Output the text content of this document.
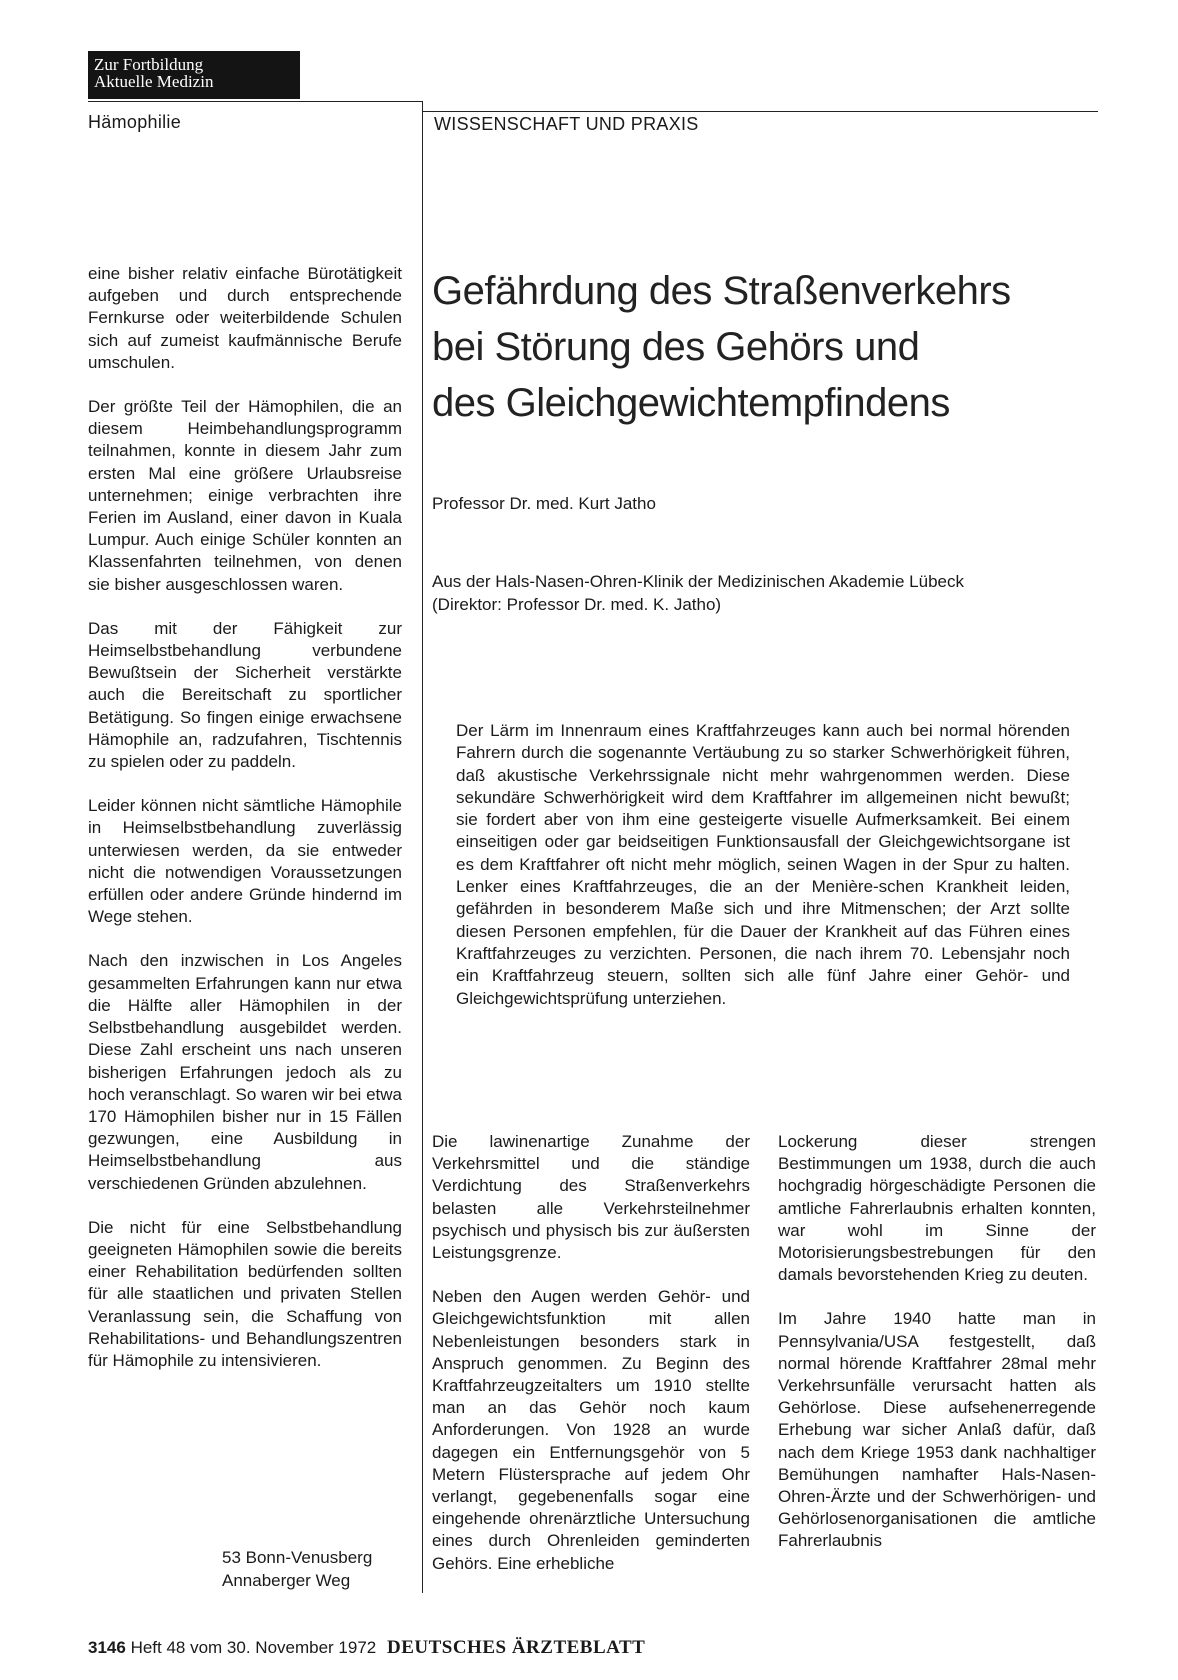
Zur Fortbildung
Aktuelle Medizin
Hämophilie	WISSENSCHAFT UND PRAXIS
Gefährdung des Straßenverkehrs
bei Störung des Gehörs und
des Gleichgewichtempfindens
Professor Dr. med. Kurt Jatho
Aus der Hals-Nasen-Ohren-Klinik der Medizinischen Akademie Lübeck
(Direktor: Professor Dr. med. K. Jatho)

Der Lärm im Innenraum eines Kraftfahrzeuges kann auch bei normal hörenden Fahrern durch die sogenannte Vertäubung zu so starker Schwerhörigkeit führen, daß akustische Verkehrssignale nicht mehr wahrgenommen werden. Diese sekundäre Schwerhörigkeit wird dem Kraftfahrer im allgemeinen nicht bewußt; sie fordert aber von ihm eine gesteigerte visuelle Aufmerksamkeit. Bei einem einseitigen oder gar beidseitigen Funktionsausfall der Gleichgewichtsorgane ist es dem Kraftfahrer oft nicht mehr möglich, seinen Wagen in der Spur zu halten. Lenker eines Kraftfahrzeuges, die an der Menière-schen Krankheit leiden, gefährden in besonderem Maße sich und ihre Mitmenschen; der Arzt sollte diesen Personen empfehlen, für die Dauer der Krankheit auf das Führen eines Kraftfahrzeuges zu verzichten. Personen, die nach ihrem 70. Lebensjahr noch ein Kraftfahrzeug steuern, sollten sich alle fünf Jahre einer Gehör- und Gleichgewichtsprüfung unterziehen.

eine bisher relativ einfache Bürotätigkeit aufgeben und durch entsprechende Fernkurse oder weiterbildende Schulen sich auf zumeist kaufmännische Berufe umschulen.

Der größte Teil der Hämophilen, die an diesem Heimbehandlungsprogramm teilnahmen, konnte in diesem Jahr zum ersten Mal eine größere Urlaubsreise unternehmen; einige verbrachten ihre Ferien im Ausland, einer davon in Kuala Lumpur. Auch einige Schüler konnten an Klassenfahrten teilnehmen, von denen sie bisher ausgeschlossen waren.

Das mit der Fähigkeit zur Heimselbstbehandlung verbundene Bewußtsein der Sicherheit verstärkte auch die Bereitschaft zu sportlicher Betätigung. So fingen einige erwachsene Hämophile an, radzufahren, Tischtennis zu spielen oder zu paddeln.

Leider können nicht sämtliche Hämophile in Heimselbstbehandlung zuverlässig unterwiesen werden, da sie entweder nicht die notwendigen Voraussetzungen erfüllen oder andere Gründe hindernd im Wege stehen.

Nach den inzwischen in Los Angeles gesammelten Erfahrungen kann nur etwa die Hälfte aller Hämophilen in der Selbstbehandlung ausgebildet werden. Diese Zahl erscheint uns nach unseren bisherigen Erfahrungen jedoch als zu hoch veranschlagt. So waren wir bei etwa 170 Hämophilen bisher nur in 15 Fällen gezwungen, eine Ausbildung in Heimselbstbehandlung aus verschiedenen Gründen abzulehnen.

Die nicht für eine Selbstbehandlung geeigneten Hämophilen sowie die bereits einer Rehabilitation bedürfenden sollten für alle staatlichen und privaten Stellen Veranlassung sein, die Schaffung von Rehabilitations- und Behandlungszentren für Hämophile zu intensivieren.

53 Bonn-Venusberg
Annaberger Weg

Die lawinenartige Zunahme der Verkehrsmittel und die ständige Verdichtung des Straßenverkehrs belasten alle Verkehrsteilnehmer psychisch und physisch bis zur äußersten Leistungsgrenze.

Neben den Augen werden Gehör- und Gleichgewichtsfunktion mit allen Nebenleistungen besonders stark in Anspruch genommen. Zu Beginn des Kraftfahrzeugzeitalters um 1910 stellte man an das Gehör noch kaum Anforderungen. Von 1928 an wurde dagegen ein Entfernungsgehör von 5 Metern Flüstersprache auf jedem Ohr verlangt, gegebenenfalls sogar eine eingehende ohrenärztliche Untersuchung eines durch Ohrenleiden geminderten Gehörs. Eine erhebliche

Lockerung dieser strengen Bestimmungen um 1938, durch die auch hochgradig hörgeschädigte Personen die amtliche Fahrerlaubnis erhalten konnten, war wohl im Sinne der Motorisierungsbestrebungen für den damals bevorstehenden Krieg zu deuten.

Im Jahre 1940 hatte man in Pennsylvania/USA festgestellt, daß normal hörende Kraftfahrer 28mal mehr Verkehrsunfälle verursacht hatten als Gehörlose. Diese aufsehenerregende Erhebung war sicher Anlaß dafür, daß nach dem Kriege 1953 dank nachhaltiger Bemühungen namhafter Hals-Nasen-Ohren-Ärzte und der Schwerhörigen- und Gehörlosenorganisationen die amtliche Fahrerlaubnis

3146 Heft 48 vom 30. November 1972 DEUTSCHES ÄRZTEBLATT
